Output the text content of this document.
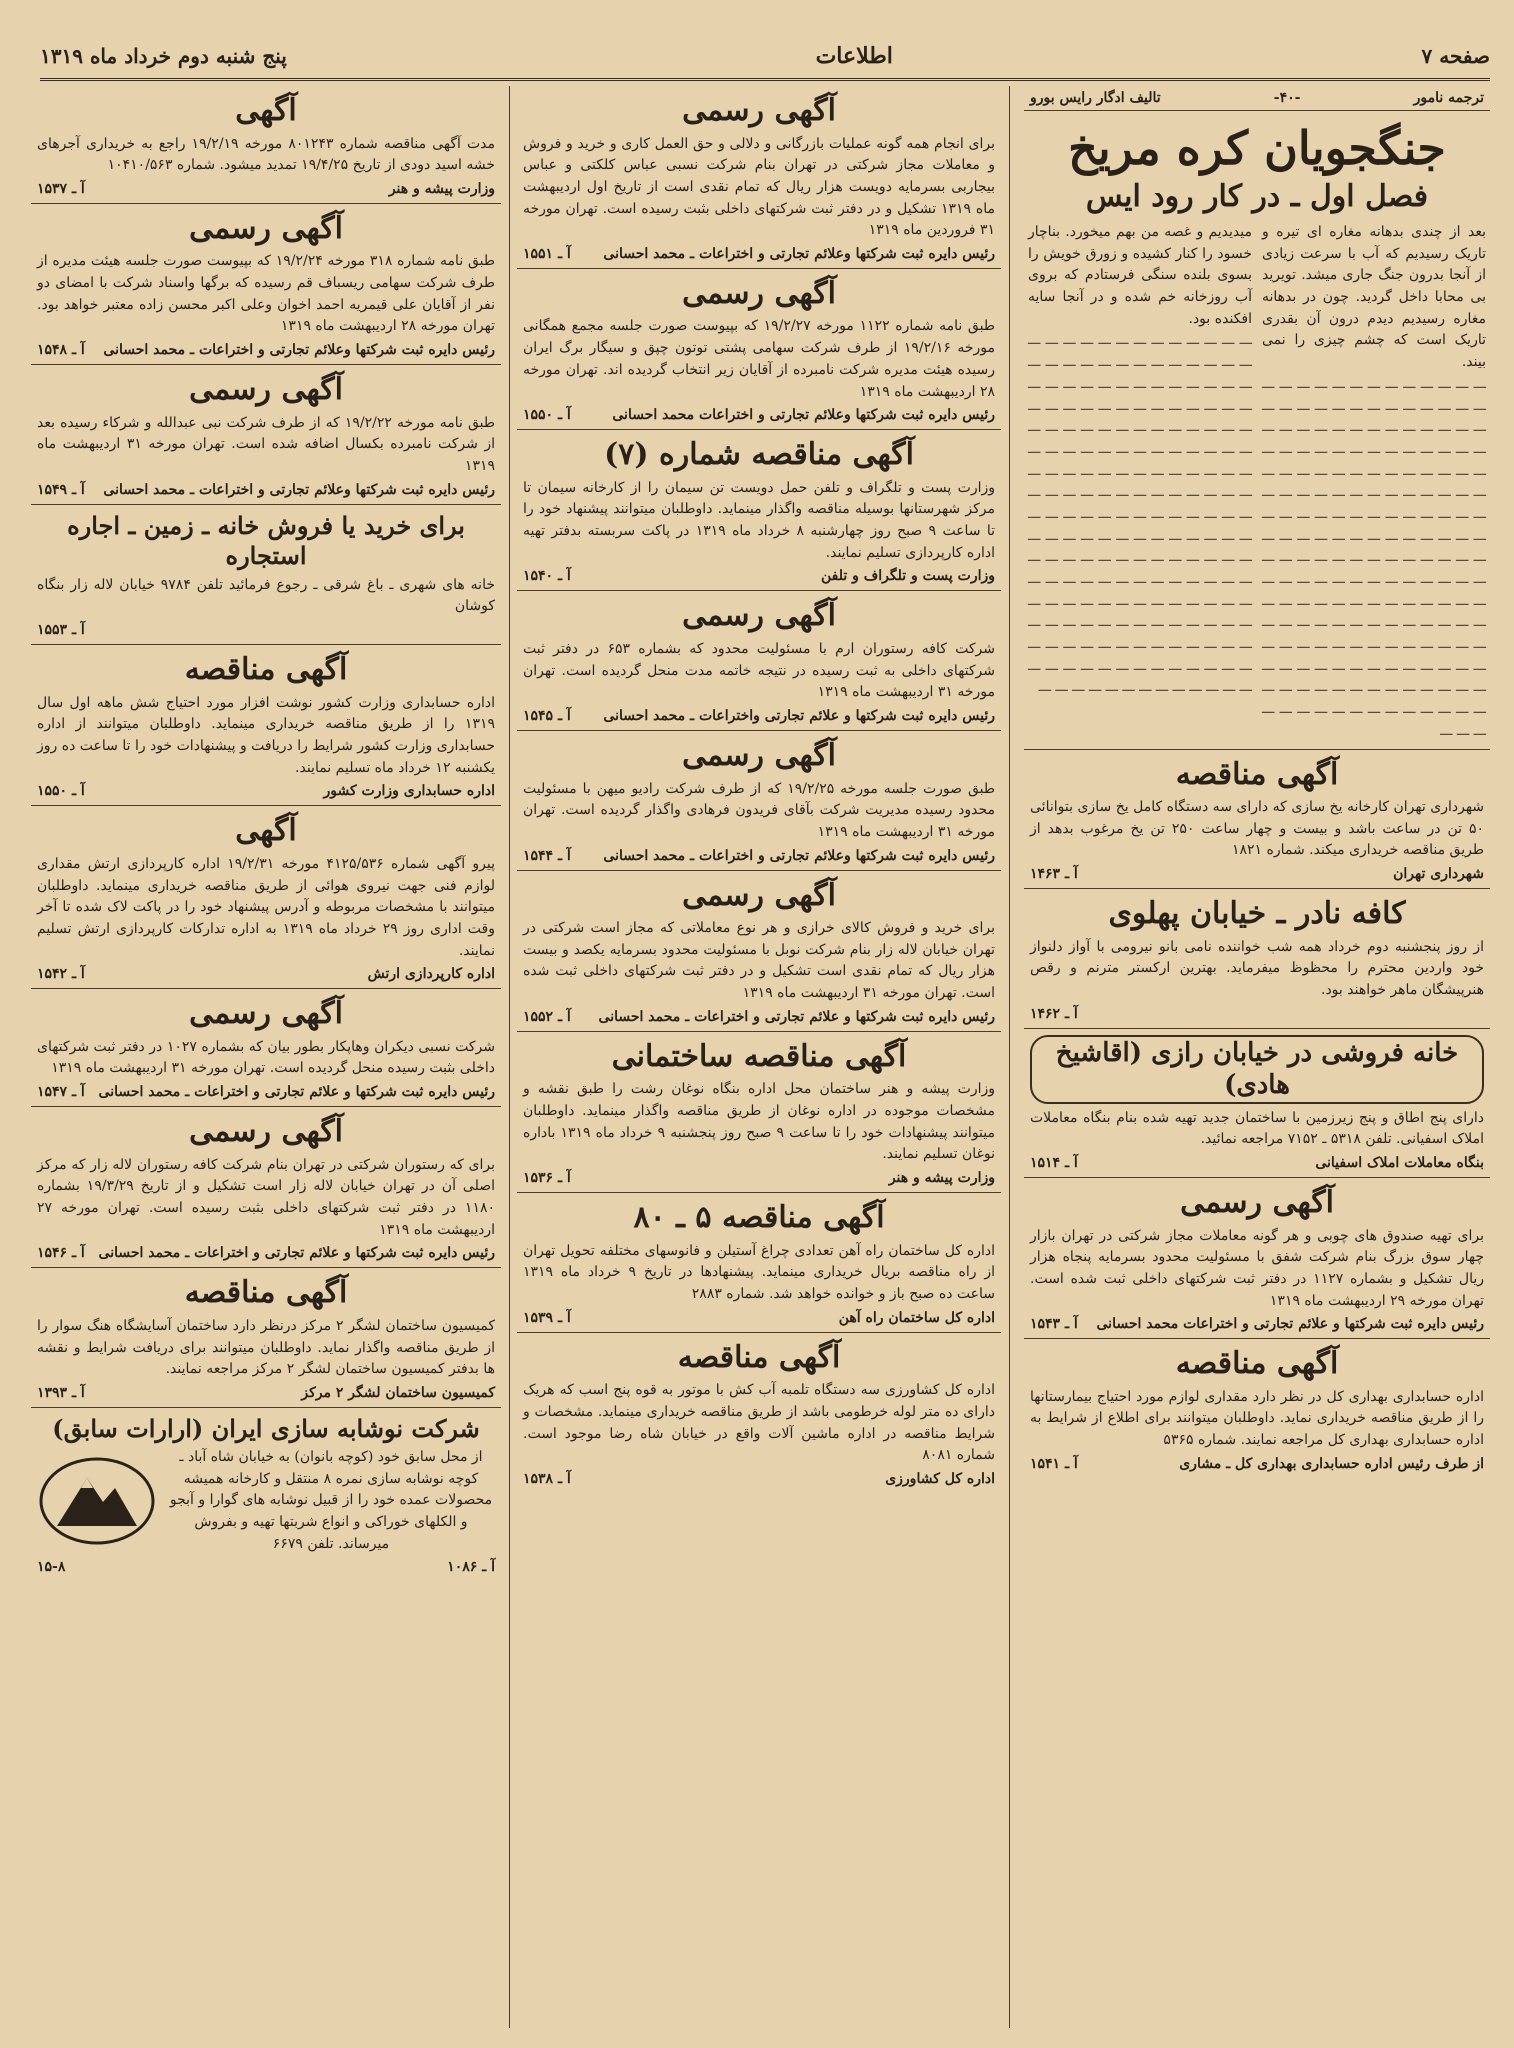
صفحه ۷
اطلاعات
پنج شنبه دوم خرداد ماه ۱۳۱۹
ترجمه نامور
-۴۰-
تالیف ادگار رایس بورو
جنگجویان کره مریخ
فصل اول ـ در کار رود ایس
بعد از چندی بدهانه مغاره ای تیره و تاریک رسیدیم که آب با سرعت زیادی از آنجا بدرون جنگ جاری میشد. تویرید بی محابا داخل گردید. چون در بدهانه مغاره رسیدیم دیدم درون آن بقدری تاریک است که چشم چیزی را نمی بیند.
ـــ ـــ ـــ ـــ ـــ ـــ ـــ ـــ ـــ ـــ ـــ ـــ ـــ ـــ ـــ ـــ ـــ ـــ ـــ ـــ ـــ ـــ ـــ ـــ ـــ ـــ ـــ ـــ ـــ ـــ ـــ ـــ ـــ ـــ ـــ ـــ ـــ ـــ ـــ ـــ ـــ ـــ ـــ ـــ ـــ ـــ ـــ ـــ ـــ ـــ ـــ ـــ ـــ ـــ ـــ ـــ ـــ ـــ ـــ ـــ ـــ ـــ ـــ ـــ ـــ ـــ ـــ ـــ ـــ ـــ ـــ ـــ ـــ ـــ ـــ ـــ ـــ ـــ ـــ ـــ ـــ ـــ ـــ ـــ ـــ ـــ ـــ ـــ ـــ ـــ ـــ ـــ ـــ ـــ ـــ ـــ ـــ ـــ ـــ ـــ ـــ ـــ ـــ ـــ ـــ ـــ ـــ ـــ ـــ ـــ ـــ ـــ ـــ ـــ ـــ ـــ ـــ ـــ ـــ ـــ ـــ ـــ ـــ ـــ ـــ ـــ ـــ ـــ ـــ ـــ ـــ ـــ ـــ ـــ ـــ ـــ ـــ ـــ ـــ ـــ ـــ ـــ ـــ ـــ ـــ ـــ ـــ ـــ ـــ ـــ ـــ ـــ ـــ ـــ ـــ ـــ ـــ ـــ ـــ ـــ ـــ ـــ ـــ ـــ ـــ ـــ ـــ ـــ ـــ ـــ ـــ ـــ ـــ ـــ ـــ ـــ ـــ ـــ ـــ ـــ ـــ ـــ ـــ ـــ ـــ ـــ ـــ ـــ ـــ ـــ ـــ ـــ ـــ ـــ ـــ ـــ ـــ ـــ ـــ ـــ ـــ ـــ ـــ ـــ ـــ ـــ ـــ ـــ ـــ ـــ ـــ
میدیدیم و غصه من بهم میخورد. بناچار خسود را کنار کشیده و زورق خویش را بسوی بلنده سنگی فرستادم که بروی آب روزخانه خم شده و در آنجا سایه افکنده بود.
ـــ ـــ ـــ ـــ ـــ ـــ ـــ ـــ ـــ ـــ ـــ ـــ ـــ ـــ ـــ ـــ ـــ ـــ ـــ ـــ ـــ ـــ ـــ ـــ ـــ ـــ ـــ ـــ ـــ ـــ ـــ ـــ ـــ ـــ ـــ ـــ ـــ ـــ ـــ ـــ ـــ ـــ ـــ ـــ ـــ ـــ ـــ ـــ ـــ ـــ ـــ ـــ ـــ ـــ ـــ ـــ ـــ ـــ ـــ ـــ ـــ ـــ ـــ ـــ ـــ ـــ ـــ ـــ ـــ ـــ ـــ ـــ ـــ ـــ ـــ ـــ ـــ ـــ ـــ ـــ ـــ ـــ ـــ ـــ ـــ ـــ ـــ ـــ ـــ ـــ ـــ ـــ ـــ ـــ ـــ ـــ ـــ ـــ ـــ ـــ ـــ ـــ ـــ ـــ ـــ ـــ ـــ ـــ ـــ ـــ ـــ ـــ ـــ ـــ ـــ ـــ ـــ ـــ ـــ ـــ ـــ ـــ ـــ ـــ ـــ ـــ ـــ ـــ ـــ ـــ ـــ ـــ ـــ ـــ ـــ ـــ ـــ ـــ ـــ ـــ ـــ ـــ ـــ ـــ ـــ ـــ ـــ ـــ ـــ ـــ ـــ ـــ ـــ ـــ ـــ ـــ ـــ ـــ ـــ ـــ ـــ ـــ ـــ ـــ ـــ ـــ ـــ ـــ ـــ ـــ ـــ ـــ ـــ ـــ ـــ ـــ ـــ ـــ ـــ ـــ ـــ ـــ ـــ ـــ ـــ ـــ ـــ ـــ ـــ ـــ ـــ ـــ ـــ ـــ ـــ ـــ ـــ ـــ ـــ ـــ ـــ ـــ ـــ ـــ ـــ ـــ ـــ ـــ ـــ ـــ ـــ ـــ ـــ ـــ ـــ ـــ ـــ ـــ ـــ ـــ ـــ
آگهی مناقصه
شهرداری تهران کارخانه یخ سازی که دارای سه دستگاه کامل یخ سازی بتوانائی ۵۰ تن در ساعت باشد و بیست و چهار ساعت ۲۵۰ تن یخ مرغوب بدهد از طریق مناقصه خریداری میکند. شماره ۱۸۲۱
شهرداری تهران
آ ـ ۱۴۶۳
کافه نادر ـ خیابان پهلوی
از روز پنجشنبه دوم خرداد همه شب خواننده نامی بانو نیرومی با آواز دلنواز خود واردین محترم را محظوظ میفرماید. بهترین ارکستر مترنم و رقص هنرپیشگان ماهر خواهند بود.
آ ـ ۱۴۶۲
خانه فروشی در خیابان رازی (اقاشیخ هادی)
دارای پنج اطاق و پنج زیرزمین با ساختمان جدید تهیه شده بنام بنگاه معاملات املاک اسفیانی. تلفن ۵۳۱۸ ـ ۷۱۵۲ مراجعه نمائید.
بنگاه معاملات املاک اسفیانی
آ ـ ۱۵۱۴
آگهی رسمی
برای تهیه صندوق های چوبی و هر گونه معاملات مجاز شرکتی در تهران بازار چهار سوق بزرگ بنام شرکت شفق با مسئولیت محدود بسرمایه پنجاه هزار ریال تشکیل و بشماره ۱۱۲۷ در دفتر ثبت شرکتهای داخلی ثبت شده است. تهران مورخه ۲۹ اردیبهشت ماه ۱۳۱۹
رئیس دایره ثبت شرکتها و علائم تجارتی و اختراعات محمد احسانی
آ ـ ۱۵۴۳
آگهی مناقصه
اداره حسابداری بهداری کل در نظر دارد مقداری لوازم مورد احتیاج بیمارستانها را از طریق مناقصه خریداری نماید. داوطلبان میتوانند برای اطلاع از شرایط به اداره حسابداری بهداری کل مراجعه نمایند. شماره ۵۳۶۵
از طرف رئیس اداره حسابداری بهداری کل ـ مشاری
آ ـ ۱۵۴۱
آگهی رسمی
برای انجام همه گونه عملیات بازرگانی و دلالی و حق العمل کاری و خرید و فروش و معاملات مجاز شرکتی در تهران بنام شرکت نسبی عباس کلکتی و عباس بیجاربی بسرمایه دویست هزار ریال که تمام نقدی است از تاریخ اول اردیبهشت ماه ۱۳۱۹ تشکیل و در دفتر ثبت شرکتهای داخلی بثبت رسیده است. تهران مورخه ۳۱ فروردین ماه ۱۳۱۹
رئیس دایره ثبت شرکتها وعلائم تجارتی و اختراعات ـ محمد احسانی
آ ـ ۱۵۵۱
آگهی رسمی
طبق نامه شماره ۱۱۲۲ مورخه ۱۹/۲/۲۷ که بپیوست صورت جلسه مجمع همگانی مورخه ۱۹/۲/۱۶ از طرف شرکت سهامی پشتی توتون چپق و سیگار برگ ایران رسیده هیئت مدیره شرکت نامبرده از آقایان زیر انتخاب گردیده اند. تهران مورخه ۲۸ اردیبهشت ماه ۱۳۱۹
رئیس دایره ثبت شرکتها وعلائم تجارتی و اختراعات محمد احسانی
آ ـ ۱۵۵۰
آگهی مناقصه شماره (۷)
وزارت پست و تلگراف و تلفن حمل دویست تن سیمان را از کارخانه سیمان تا مرکز شهرستانها بوسیله مناقصه واگذار مینماید. داوطلبان میتوانند پیشنهاد خود را تا ساعت ۹ صبح روز چهارشنبه ۸ خرداد ماه ۱۳۱۹ در پاکت سربسته بدفتر تهیه اداره کارپردازی تسلیم نمایند.
وزارت پست و تلگراف و تلفن
آ ـ ۱۵۴۰
آگهی رسمی
شرکت کافه رستوران ارم با مسئولیت محدود که بشماره ۶۵۳ در دفتر ثبت شرکتهای داخلی به ثبت رسیده در نتیجه خاتمه مدت منحل گردیده است. تهران مورخه ۳۱ اردیبهشت ماه ۱۳۱۹
رئیس دایره ثبت شرکتها و علائم تجارتی واختراعات ـ محمد احسانی
آ ـ ۱۵۴۵
آگهی رسمی
طبق صورت جلسه مورخه ۱۹/۲/۲۵ که از طرف شرکت رادیو میهن با مسئولیت محدود رسیده مدیریت شرکت بآقای فریدون فرهادی واگذار گردیده است. تهران مورخه ۳۱ اردیبهشت ماه ۱۳۱۹
رئیس دایره ثبت شرکتها وعلائم تجارتی و اختراعات ـ محمد احسانی
آ ـ ۱۵۴۴
آگهی رسمی
برای خرید و فروش کالای خرازی و هر نوع معاملاتی که مجاز است شرکتی در تهران خیابان لاله زار بنام شرکت نوبل با مسئولیت محدود بسرمایه یکصد و بیست هزار ریال که تمام نقدی است تشکیل و در دفتر ثبت شرکتهای داخلی ثبت شده است. تهران مورخه ۳۱ اردیبهشت ماه ۱۳۱۹
رئیس دایره ثبت شرکتها و علائم تجارتی و اختراعات ـ محمد احسانی
آ ـ ۱۵۵۲
آگهی مناقصه ساختمانی
وزارت پیشه و هنر ساختمان محل اداره بنگاه نوغان رشت را طبق نقشه و مشخصات موجوده در اداره نوغان از طریق مناقصه واگذار مینماید. داوطلبان میتوانند پیشنهادات خود را تا ساعت ۹ صبح روز پنجشنبه ۹ خرداد ماه ۱۳۱۹ باداره نوغان تسلیم نمایند.
وزارت پیشه و هنر
آ ـ ۱۵۳۶
آگهی مناقصه ۵ ـ ۸۰
اداره کل ساختمان راه آهن تعدادی چراغ آستیلن و فانوسهای مختلفه تحویل تهران از راه مناقصه بریال خریداری مینماید. پیشنهادها در تاریخ ۹ خرداد ماه ۱۳۱۹ ساعت ده صبح باز و خوانده خواهد شد. شماره ۲۸۸۳
اداره کل ساختمان راه آهن
آ ـ ۱۵۳۹
آگهی مناقصه
اداره کل کشاورزی سه دستگاه تلمبه آب کش با موتور به قوه پنج اسب که هریک دارای ده متر لوله خرطومی باشد از طریق مناقصه خریداری مینماید. مشخصات و شرایط مناقصه در اداره ماشین آلات واقع در خیابان شاه رضا موجود است. شماره ۸۰۸۱
اداره کل کشاورزی
آ ـ ۱۵۳۸
آگهی
مدت آگهی مناقصه شماره ۸۰۱۲۴۳ مورخه ۱۹/۲/۱۹ راجع به خریداری آجرهای خشه اسید دودی از تاریخ ۱۹/۴/۲۵ تمدید میشود. شماره ۱۰۴۱۰/۵۶۳
وزارت پیشه و هنر
آ ـ ۱۵۳۷
آگهی رسمی
طبق نامه شماره ۳۱۸ مورخه ۱۹/۲/۲۴ که بپیوست صورت جلسه هیئت مدیره از طرف شرکت سهامی ریسباف قم رسیده که برگها واسناد شرکت با امضای دو نفر از آقایان علی قیمریه احمد اخوان وعلی اکبر محسن زاده معتبر خواهد بود. تهران مورخه ۲۸ اردیبهشت ماه ۱۳۱۹
رئیس دایره ثبت شرکتها وعلائم تجارتی و اختراعات ـ محمد احسانی
آ ـ ۱۵۴۸
آگهی رسمی
طبق نامه مورخه ۱۹/۲/۲۲ که از طرف شرکت نبی عبدالله و شرکاء رسیده بعد از شرکت نامبرده بکسال اضافه شده است. تهران مورخه ۳۱ اردیبهشت ماه ۱۳۱۹
رئیس دایره ثبت شرکتها وعلائم تجارتی و اختراعات ـ محمد احسانی
آ ـ ۱۵۴۹
برای خرید یا فروش خانه ـ زمین ـ اجاره استجاره
خانه های شهری ـ باغ شرقی ـ رجوع فرمائید تلفن ۹۷۸۴ خیابان لاله زار بنگاه کوشان
آ ـ ۱۵۵۳
آگهی مناقصه
اداره حسابداری وزارت کشور نوشت افزار مورد احتیاج شش ماهه اول سال ۱۳۱۹ را از طریق مناقصه خریداری مینماید. داوطلبان میتوانند از اداره حسابداری وزارت کشور شرایط را دریافت و پیشنهادات خود را تا ساعت ده روز یکشنبه ۱۲ خرداد ماه تسلیم نمایند.
اداره حسابداری وزارت کشور
آ ـ ۱۵۵۰
آگهی
پیرو آگهی شماره ۴۱۲۵/۵۳۶ مورخه ۱۹/۲/۳۱ اداره کارپردازی ارتش مقداری لوازم فنی جهت نیروی هوائی از طریق مناقصه خریداری مینماید. داوطلبان میتوانند با مشخصات مربوطه و آدرس پیشنهاد خود را در پاکت لاک شده تا آخر وقت اداری روز ۲۹ خرداد ماه ۱۳۱۹ به اداره تدارکات کارپردازی ارتش تسلیم نمایند.
اداره کارپردازی ارتش
آ ـ ۱۵۴۲
آگهی رسمی
شرکت نسبی دیکران وهاپکار بطور بیان که بشماره ۱۰۲۷ در دفتر ثبت شرکتهای داخلی بثبت رسیده منحل گردیده است. تهران مورخه ۳۱ اردیبهشت ماه ۱۳۱۹
رئیس دایره ثبت شرکتها و علائم تجارتی و اختراعات ـ محمد احسانی
آ ـ ۱۵۴۷
آگهی رسمی
برای که رستوران شرکتی در تهران بنام شرکت کافه رستوران لاله زار که مرکز اصلی آن در تهران خیابان لاله زار است تشکیل و از تاریخ ۱۹/۳/۲۹ بشماره ۱۱۸۰ در دفتر ثبت شرکتهای داخلی بثبت رسیده است. تهران مورخه ۲۷ اردیبهشت ماه ۱۳۱۹
رئیس دایره ثبت شرکتها و علائم تجارتی و اختراعات ـ محمد احسانی
آ ـ ۱۵۴۶
آگهی مناقصه
کمیسیون ساختمان لشگر ۲ مرکز درنظر دارد ساختمان آسایشگاه هنگ سوار را از طریق مناقصه واگذار نماید. داوطلبان میتوانند برای دریافت شرایط و نقشه ها بدفتر کمیسیون ساختمان لشگر ۲ مرکز مراجعه نمایند.
کمیسیون ساختمان لشگر ۲ مرکز
آ ـ ۱۳۹۳
شرکت نوشابه سازی ایران (ارارات سابق)
از محل سابق خود (کوچه بانوان) به خیابان شاه آباد ـ کوچه نوشابه سازی نمره ۸ منتقل و کارخانه همیشه محصولات عمده خود را از قبیل نوشابه های گوارا و آبجو و الکلهای خوراکی و انواع شربتها تهیه و بفروش میرساند. تلفن ۶۶۷۹
آ ـ ۱۰۸۶
۱۵-۸
